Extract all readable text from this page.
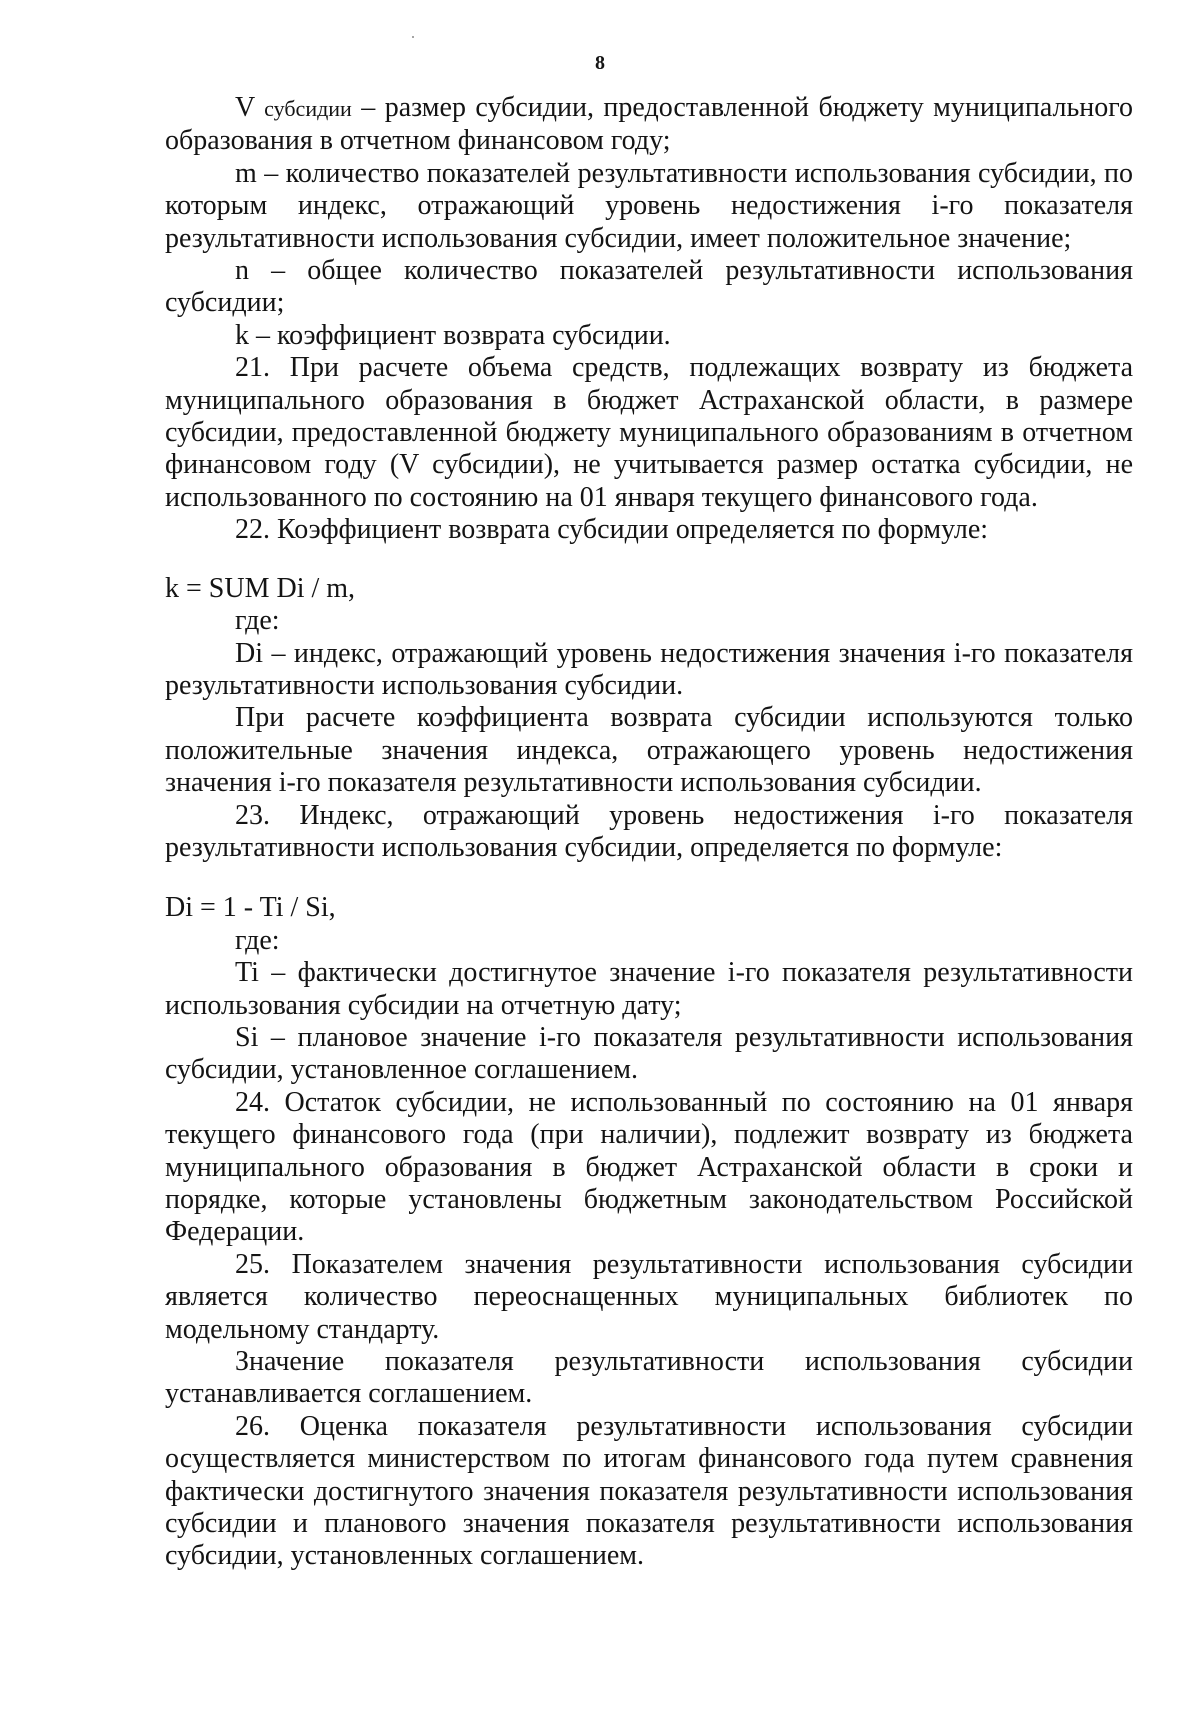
8

V субсидии – размер субсидии, предоставленной бюджету муниципального образования в отчетном финансовом году;

m – количество показателей результативности использования субсидии, по которым индекс, отражающий уровень недостижения i-го показателя результативности использования субсидии, имеет положительное значение;

n – общее количество показателей результативности использования субсидии;

k – коэффициент возврата субсидии.

21. При расчете объема средств, подлежащих возврату из бюджета муниципального образования в бюджет Астраханской области, в размере субсидии, предоставленной бюджету муниципального образованиям в отчетном финансовом году (V субсидии), не учитывается размер остатка субсидии, не использованного по состоянию на 01 января текущего финансового года.

22. Коэффициент возврата субсидии определяется по формуле:

k = SUM Di / m,

где:

Di – индекс, отражающий уровень недостижения значения i-го показателя результативности использования субсидии.

При расчете коэффициента возврата субсидии используются только положительные значения индекса, отражающего уровень недостижения значения i-го показателя результативности использования субсидии.

23. Индекс, отражающий уровень недостижения i-го показателя результативности использования субсидии, определяется по формуле:

Di = 1 - Ti / Si,

где:

Ti – фактически достигнутое значение i-го показателя результативности использования субсидии на отчетную дату;

Si – плановое значение i-го показателя результативности использования субсидии, установленное соглашением.

24. Остаток субсидии, не использованный по состоянию на 01 января текущего финансового года (при наличии), подлежит возврату из бюджета муниципального образования в бюджет Астраханской области в сроки и порядке, которые установлены бюджетным законодательством Российской Федерации.

25. Показателем значения результативности использования субсидии является количество переоснащенных муниципальных библиотек по модельному стандарту.

Значение показателя результативности использования субсидии устанавливается соглашением.

26. Оценка показателя результативности использования субсидии осуществляется министерством по итогам финансового года путем сравнения фактически достигнутого значения показателя результативности использования субсидии и планового значения показателя результативности использования субсидии, установленных соглашением.
